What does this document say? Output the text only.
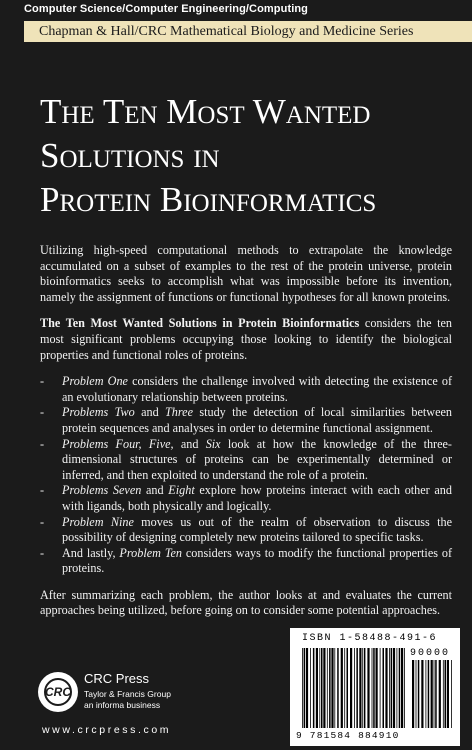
Computer Science/Computer Engineering/Computing
Chapman & Hall/CRC Mathematical Biology and Medicine Series
The Ten Most Wanted
Solutions in
Protein Bioinformatics

Utilizing high-speed computational methods to extrapolate the knowledge accumulated on a subset of examples to the rest of the protein universe, protein bioinformatics seeks to accomplish what was impossible before its invention, namely the assignment of functions or functional hypotheses for all known proteins.

The Ten Most Wanted Solutions in Protein Bioinformatics considers the ten most significant problems occupying those looking to identify the biological properties and functional roles of proteins.

- Problem One considers the challenge involved with detecting the existence of an evolutionary relationship between proteins.
- Problems Two and Three study the detection of local similarities between protein sequences and analyses in order to determine functional assignment.
- Problems Four, Five, and Six look at how the knowledge of the three-dimensional structures of proteins can be experimentally determined or inferred, and then exploited to understand the role of a protein.
- Problems Seven and Eight explore how proteins interact with each other and with ligands, both physically and logically.
- Problem Nine moves us out of the realm of observation to discuss the possibility of designing completely new proteins tailored to specific tasks.
- And lastly, Problem Ten considers ways to modify the functional properties of proteins.

After summarizing each problem, the author looks at and evaluates the current approaches being utilized, before going on to consider some potential approaches.

ISBN 1-58488-491-6
90000
9 781584 884910
CRC
CRC Press
Taylor & Francis Group
an informa business
www.crcpress.com
